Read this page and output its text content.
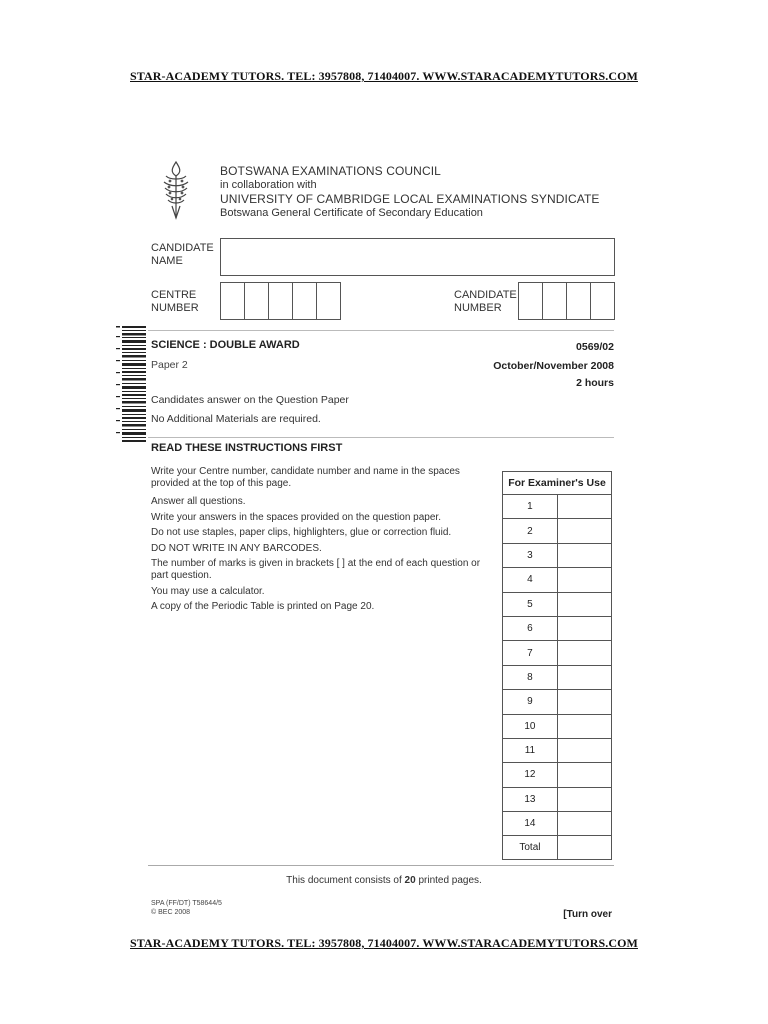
STAR-ACADEMY TUTORS. TEL: 3957808, 71404007. WWW.STARACADEMYTUTORS.COM
BOTSWANA EXAMINATIONS COUNCIL
in collaboration with
UNIVERSITY OF CAMBRIDGE LOCAL EXAMINATIONS SYNDICATE
Botswana General Certificate of Secondary Education
CANDIDATE
NAME
CENTRE
NUMBER
CANDIDATE
NUMBER
SCIENCE : DOUBLE AWARD
Paper 2
0569/02
October/November 2008
2 hours
Candidates answer on the Question Paper
No Additional Materials are required.
READ THESE INSTRUCTIONS FIRST
Write your Centre number, candidate number and name in the spaces provided at the top of this page.
Answer all questions.
Write your answers in the spaces provided on the question paper.
Do not use staples, paper clips, highlighters, glue or correction fluid.
DO NOT WRITE IN ANY BARCODES.
The number of marks is given in brackets [ ] at the end of each question or part question.
You may use a calculator.
A copy of the Periodic Table is printed on Page 20.
For Examiner's Use	
1	
2	
3	
4	
5	
6	
7	
8	
9	
10	
11	
12	
13	
14	
Total	
This document consists of 20 printed pages.
SPA (FF/DT) T58644/5
© BEC 2008	[Turn over
STAR-ACADEMY TUTORS. TEL: 3957808, 71404007. WWW.STARACADEMYTUTORS.COM
